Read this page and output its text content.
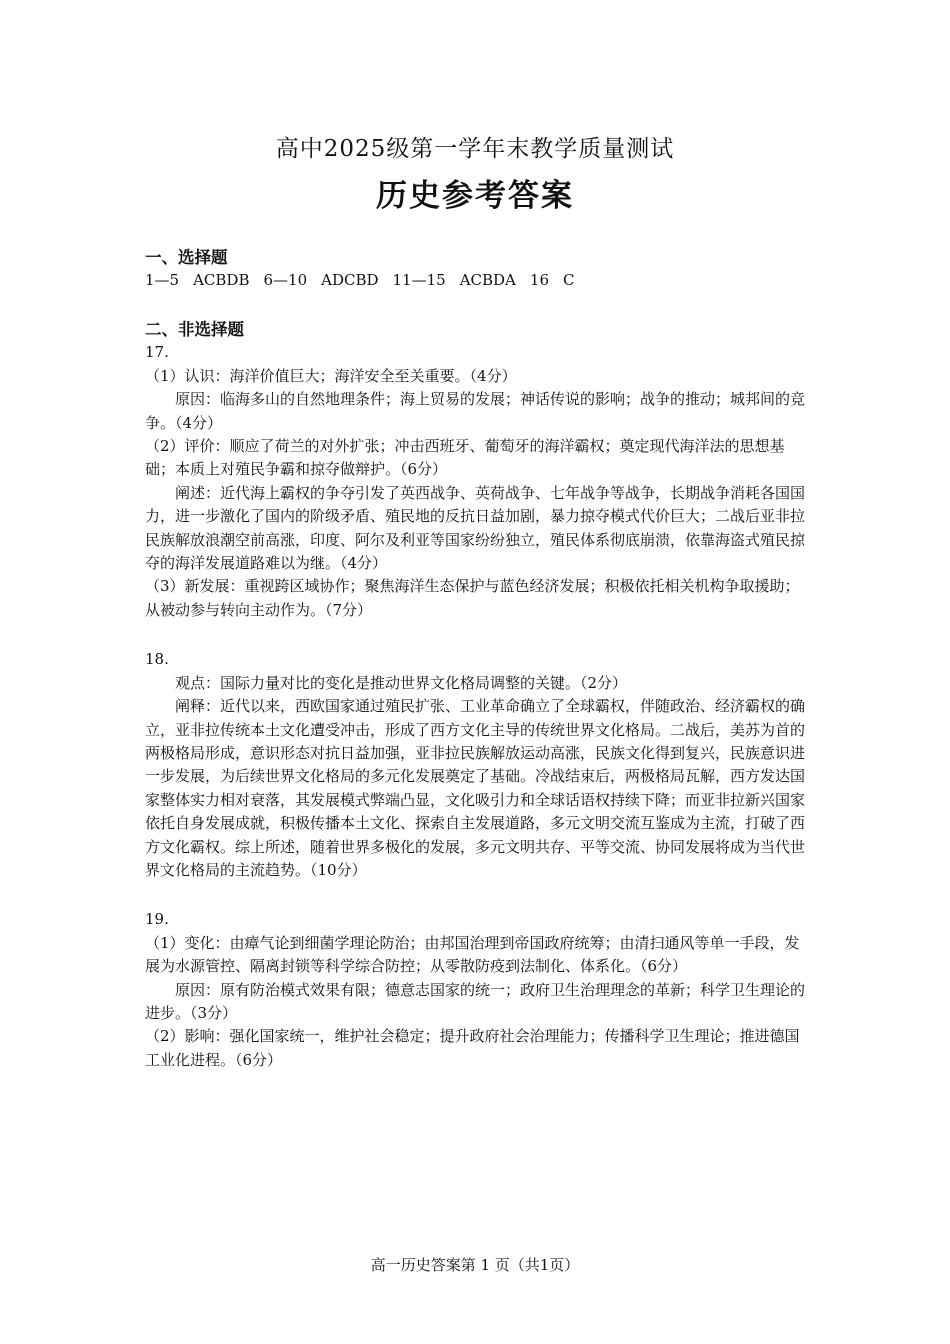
高中2025级第一学年末教学质量测试
历史参考答案
一、选择题
1—5 ACBDB 6—10 ADCBD 11—15 ACBDA 16 C
二、非选择题
17.
（1）认识：海洋价值巨大；海洋安全至关重要。（4分）
原因：临海多山的自然地理条件；海上贸易的发展；神话传说的影响；战争的推动；城邦间的竞争。（4分）
（2）评价：顺应了荷兰的对外扩张；冲击西班牙、葡萄牙的海洋霸权；奠定现代海洋法的思想基础；本质上对殖民争霸和掠夺做辩护。（6分）
阐述：近代海上霸权的争夺引发了英西战争、英荷战争、七年战争等战争，长期战争消耗各国国力，进一步激化了国内的阶级矛盾、殖民地的反抗日益加剧，暴力掠夺模式代价巨大；二战后亚非拉民族解放浪潮空前高涨，印度、阿尔及利亚等国家纷纷独立，殖民体系彻底崩溃，依靠海盗式殖民掠夺的海洋发展道路难以为继。（4分）
（3）新发展：重视跨区域协作；聚焦海洋生态保护与蓝色经济发展；积极依托相关机构争取援助；从被动参与转向主动作为。（7分）
18.
观点：国际力量对比的变化是推动世界文化格局调整的关键。（2分）
阐释：近代以来，西欧国家通过殖民扩张、工业革命确立了全球霸权，伴随政治、经济霸权的确立，亚非拉传统本土文化遭受冲击，形成了西方文化主导的传统世界文化格局。二战后，美苏为首的两极格局形成，意识形态对抗日益加强，亚非拉民族解放运动高涨，民族文化得到复兴，民族意识进一步发展，为后续世界文化格局的多元化发展奠定了基础。冷战结束后，两极格局瓦解，西方发达国家整体实力相对衰落，其发展模式弊端凸显，文化吸引力和全球话语权持续下降；而亚非拉新兴国家依托自身发展成就，积极传播本土文化、探索自主发展道路，多元文明交流互鉴成为主流，打破了西方文化霸权。综上所述，随着世界多极化的发展，多元文明共存、平等交流、协同发展将成为当代世界文化格局的主流趋势。（10分）
19.
（1）变化：由瘴气论到细菌学理论防治；由邦国治理到帝国政府统筹；由清扫通风等单一手段，发展为水源管控、隔离封锁等科学综合防控；从零散防疫到法制化、体系化。（6分）
原因：原有防治模式效果有限；德意志国家的统一；政府卫生治理理念的革新；科学卫生理论的进步。（3分）
（2）影响：强化国家统一，维护社会稳定；提升政府社会治理能力；传播科学卫生理论；推进德国工业化进程。（6分）
高一历史答案第 1 页（共1页）
